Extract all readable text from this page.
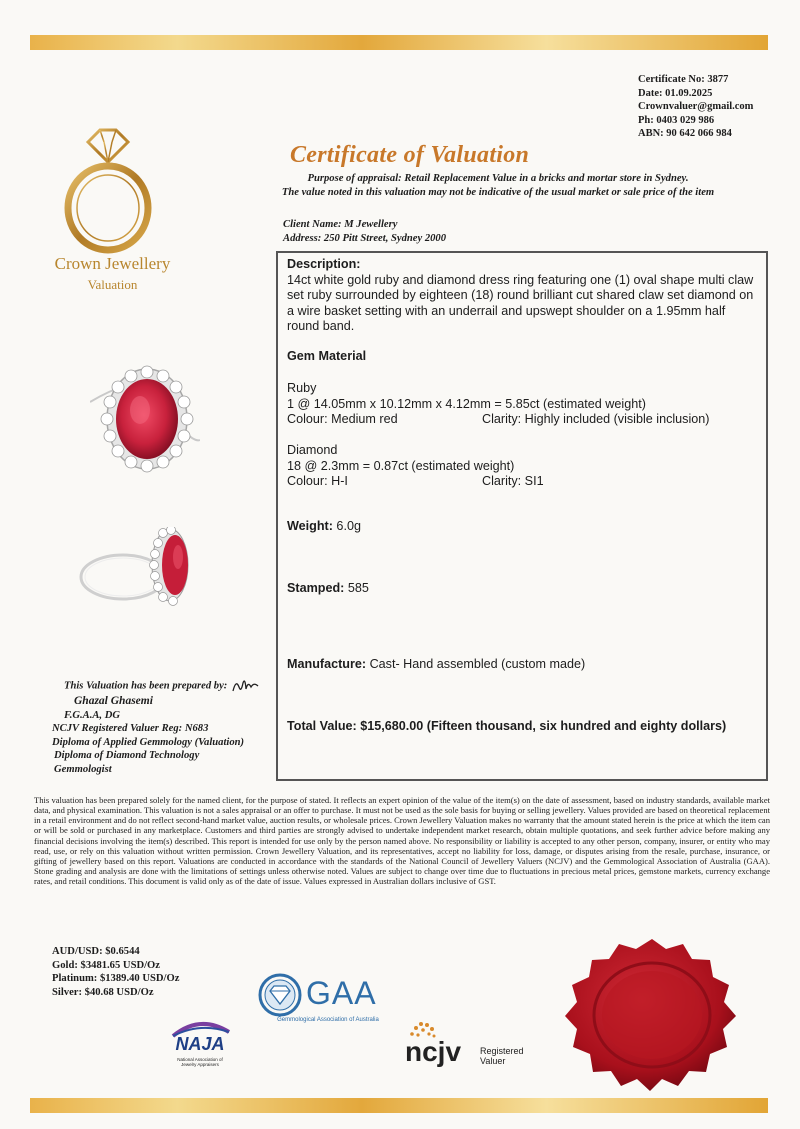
Certificate No: 3877
Date: 01.09.2025
Crownvaluer@gmail.com
Ph: 0403 029 986
ABN: 90 642 066 984
Crown Jewellery
Valuation
Certificate of Valuation
Purpose of appraisal: Retail Replacement Value in a bricks and mortar store in Sydney.
The value noted in this valuation may not be indicative of the usual market or sale price of the item
Client Name: M Jewellery
Address: 250 Pitt Street, Sydney 2000
Description:
14ct white gold ruby and diamond dress ring featuring one (1) oval shape multi claw set ruby surrounded by eighteen (18) round brilliant cut shared claw set diamond on a wire basket setting with an underrail and upswept shoulder on a 1.95mm half round band.
Gem Material
Ruby
1 @ 14.05mm x 10.12mm x 4.12mm = 5.85ct (estimated weight)
Colour: Medium red	Clarity: Highly included (visible inclusion)
Diamond
18 @ 2.3mm = 0.87ct (estimated weight)
Colour: H-I	Clarity: SI1
Weight: 6.0g
Stamped: 585
Manufacture: Cast- Hand assembled (custom made)
Total Value: $15,680.00 (Fifteen thousand, six hundred and eighty dollars)
This Valuation has been prepared by:
Ghazal Ghasemi
F.G.A.A, DG
NCJV Registered Valuer Reg: N683
Diploma of Applied Gemmology (Valuation)
Diploma of Diamond Technology
Gemmologist
This valuation has been prepared solely for the named client, for the purpose of stated. It reflects an expert opinion of the value of the item(s) on the date of assessment, based on industry standards, available market data, and physical examination. This valuation is not a sales appraisal or an offer to purchase. It must not be used as the sole basis for buying or selling jewellery. Values provided are based on theoretical replacement in a retail environment and do not reflect second-hand market value, auction results, or wholesale prices. Crown Jewellery Valuation makes no warranty that the amount stated herein is the price at which the item can or will be sold or purchased in any marketplace. Customers and third parties are strongly advised to undertake independent market research, obtain multiple quotations, and seek further advice before making any financial decisions involving the item(s) described. This report is intended for use only by the person named above. No responsibility or liability is accepted to any other person, company, insurer, or entity who may read, use, or rely on this valuation without written permission. Crown Jewellery Valuation, and its representatives, accept no liability for loss, damage, or disputes arising from the resale, purchase, insurance, or gifting of jewellery based on this report. Valuations are conducted in accordance with the standards of the National Council of Jewellery Valuers (NCJV) and the Gemmological Association of Australia (GAA). Stone grading and analysis are done with the limitations of settings unless otherwise noted. Values are subject to change over time due to fluctuations in precious metal prices, gemstone markets, currency exchange rates, and retail conditions. This document is valid only as of the date of issue. Values expressed in Australian dollars inclusive of GST.
AUD/USD: $0.6544
Gold: $3481.65 USD/Oz
Platinum: $1389.40 USD/Oz
Silver: $40.68 USD/Oz	GAA
Gemmological Association of Australia
NAJA
National Association of
Jewelry Appraisers	ncjv Registered
Valuer
